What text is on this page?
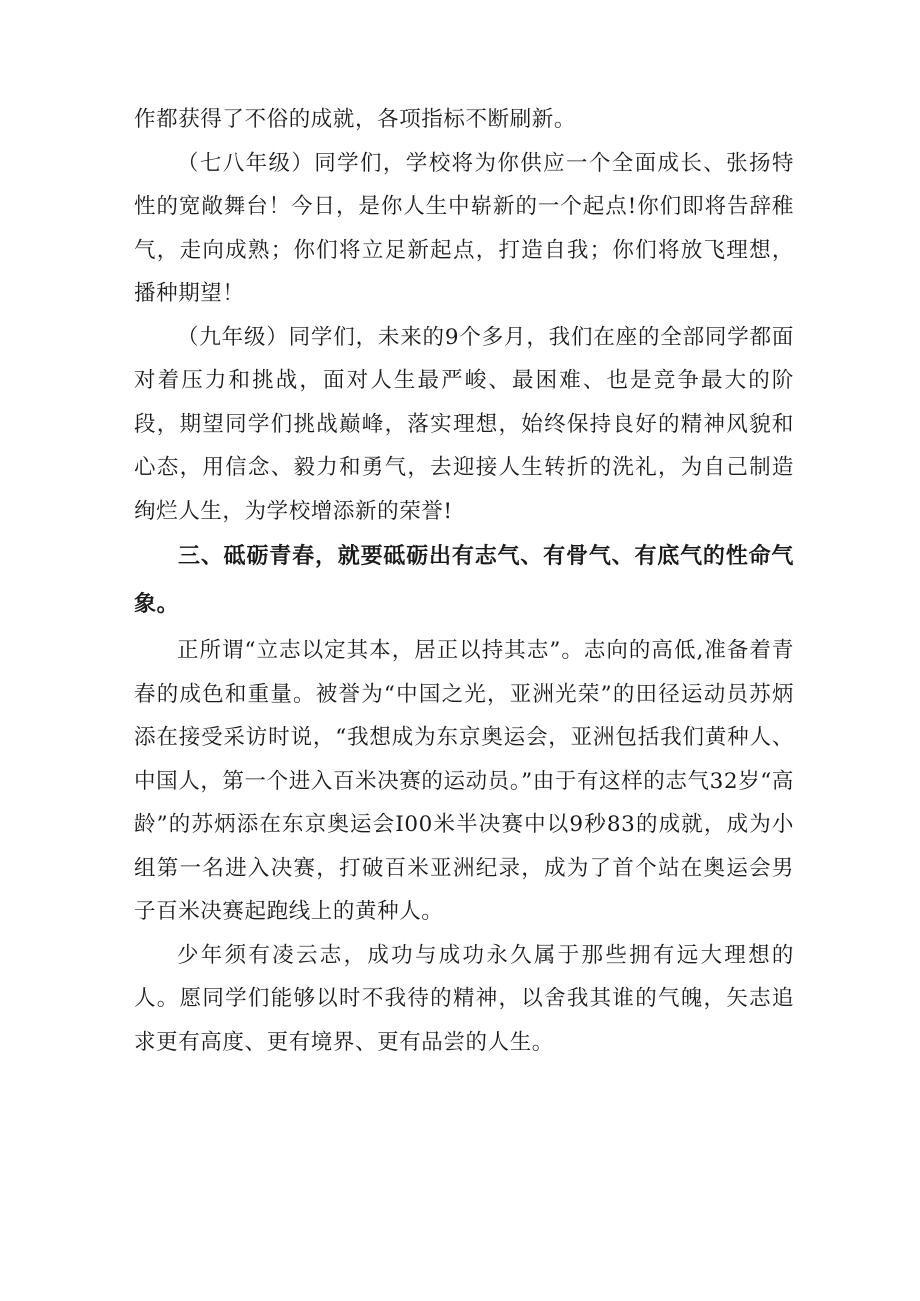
作都获得了不俗的成就，各项指标不断刷新。

（七八年级）同学们，学校将为你供应一个全面成长、张扬特性的宽敞舞台！今日，是你人生中崭新的一个起点!你们即将告辞稚气，走向成熟；你们将立足新起点，打造自我；你们将放飞理想，播种期望！

（九年级）同学们，未来的9个多月，我们在座的全部同学都面对着压力和挑战，面对人生最严峻、最困难、也是竞争最大的阶段，期望同学们挑战巅峰，落实理想，始终保持良好的精神风貌和心态，用信念、毅力和勇气，去迎接人生转折的洗礼，为自己制造绚烂人生，为学校增添新的荣誉!

三、砥砺青春，就要砥砺出有志气、有骨气、有底气的性命气象。

正所谓“立志以定其本，居正以持其志”。志向的高低,准备着青春的成色和重量。被誉为“中国之光，亚洲光荣”的田径运动员苏炳添在接受采访时说，“我想成为东京奥运会，亚洲包括我们黄种人、中国人，第一个进入百米决赛的运动员。”由于有这样的志气32岁“高龄”的苏炳添在东京奥运会I00米半决赛中以9秒83的成就，成为小组第一名进入决赛，打破百米亚洲纪录，成为了首个站在奥运会男子百米决赛起跑线上的黄种人。

少年须有凌云志，成功与成功永久属于那些拥有远大理想的人。愿同学们能够以时不我待的精神，以舍我其谁的气魄，矢志追求更有高度、更有境界、更有品尝的人生。
